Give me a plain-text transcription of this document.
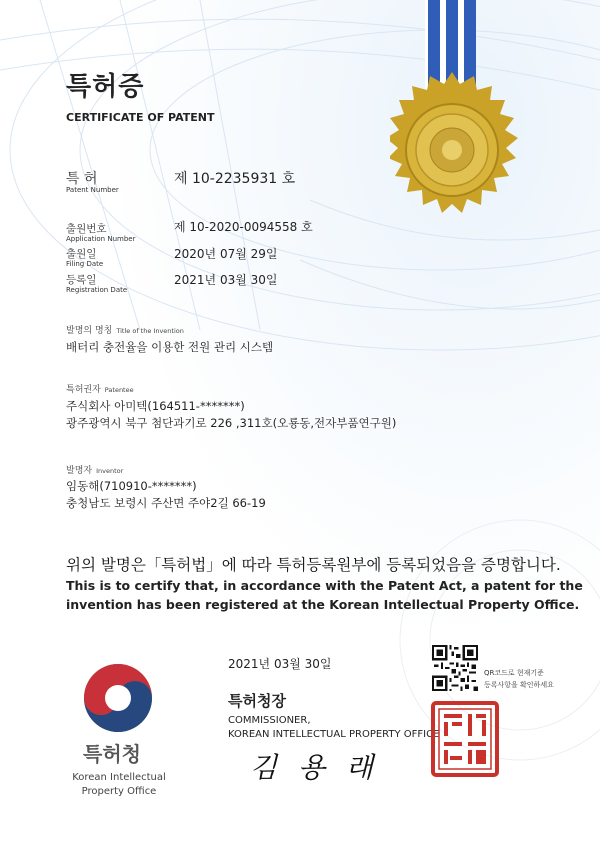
특허증
CERTIFICATE OF PATENT
특 허
Patent Number
제 10-2235931 호
출원번호
Application Number
제 10-2020-0094558 호
출원일
Filing Date
2020년 07월 29일
등록일
Registration Date
2021년 03월 30일
발명의 명칭 Title of the Invention
배터리 충전율을 이용한 전원 관리 시스템
특허권자 Patentee
주식회사 아미텍(164511-*******)
광주광역시 북구 첨단과기로 226 ,311호(오룡동,전자부품연구원)
발명자 Inventor
임동해(710910-*******)
충청남도 보령시 주산면 주야2길 66-19
위의 발명은「특허법」에 따라 특허등록원부에 등록되었음을 증명합니다.
This is to certify that, in accordance with the Patent Act, a patent for the
invention has been registered at the Korean Intellectual Property Office.
특허청
Korean Intellectual
Property Office
2021년 03월 30일
특허청장
COMMISSIONER,
KOREAN INTELLECTUAL PROPERTY OFFICE
김 용 래
QR코드로 현재기준
등록사항을 확인하세요
